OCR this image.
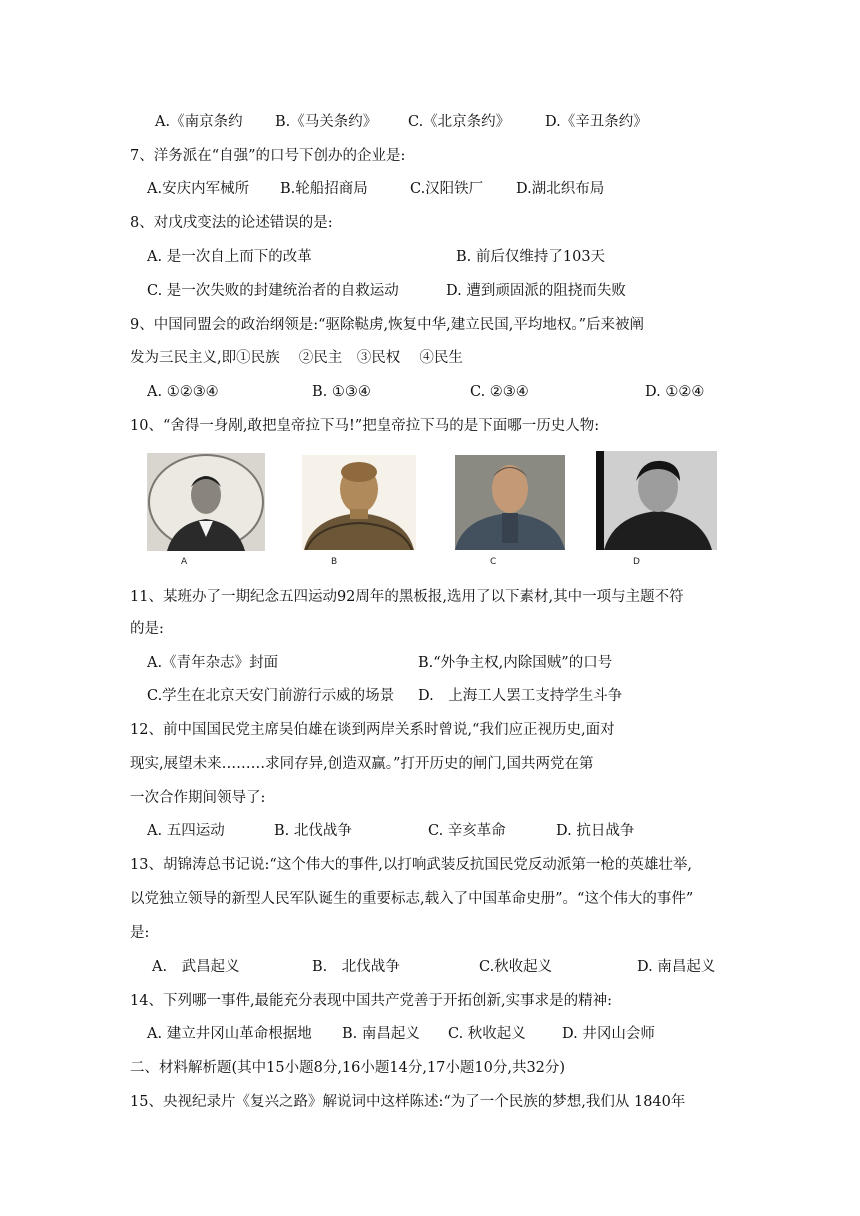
A.《南京条约 B.《马关条约》 C.《北京条约》 D.《辛丑条约》
7、洋务派在“自强”的口号下创办的企业是:
A.安庆内军械所 B.轮船招商局	C.汉阳铁厂 D.湖北织布局
8、对戊戌变法的论述错误的是:
A. 是一次自上而下的改革	B. 前后仅维持了103天
C. 是一次失败的封建统治者的自救运动	D. 遭到顽固派的阻挠而失败
9、中国同盟会的政治纲领是:“驱除鞑虏,恢复中华,建立民国,平均地权。”后来被阐
发为三民主义,即①民族　 ②民主　③民权　 ④民生
A. ①②③④	B. ①③④	C. ②③④	D. ①②④
10、“舍得一身剐,敢把皇帝拉下马!”把皇帝拉下马的是下面哪一历史人物:
A	B	C	D
11、某班办了一期纪念五四运动92周年的黑板报,选用了以下素材,其中一项与主题不符
的是:
A.《青年杂志》封面	B.“外争主权,内除国贼”的口号
C.学生在北京天安门前游行示威的场景 D.　上海工人罢工支持学生斗争
12、前中国国民党主席吴伯雄在谈到两岸关系时曾说,“我们应正视历史,面对
现实,展望未来………求同存异,创造双赢。”打开历史的闸门,国共两党在第
一次合作期间领导了:
A. 五四运动	B. 北伐战争	C. 辛亥革命	D. 抗日战争
13、胡锦涛总书记说:“这个伟大的事件,以打响武装反抗国民党反动派第一枪的英雄壮举,
以党独立领导的新型人民军队诞生的重要标志,载入了中国革命史册”。“这个伟大的事件”
是:
A.　武昌起义	B.　北伐战争	C.秋收起义	D. 南昌起义
14、下列哪一事件,最能充分表现中国共产党善于开拓创新,实事求是的精神:
A. 建立井冈山革命根据地 B. 南昌起义 C. 秋收起义 D. 井冈山会师
二、材料解析题(其中15小题8分,16小题14分,17小题10分,共32分)
15、央视纪录片《复兴之路》解说词中这样陈述:“为了一个民族的梦想,我们从 1840年
